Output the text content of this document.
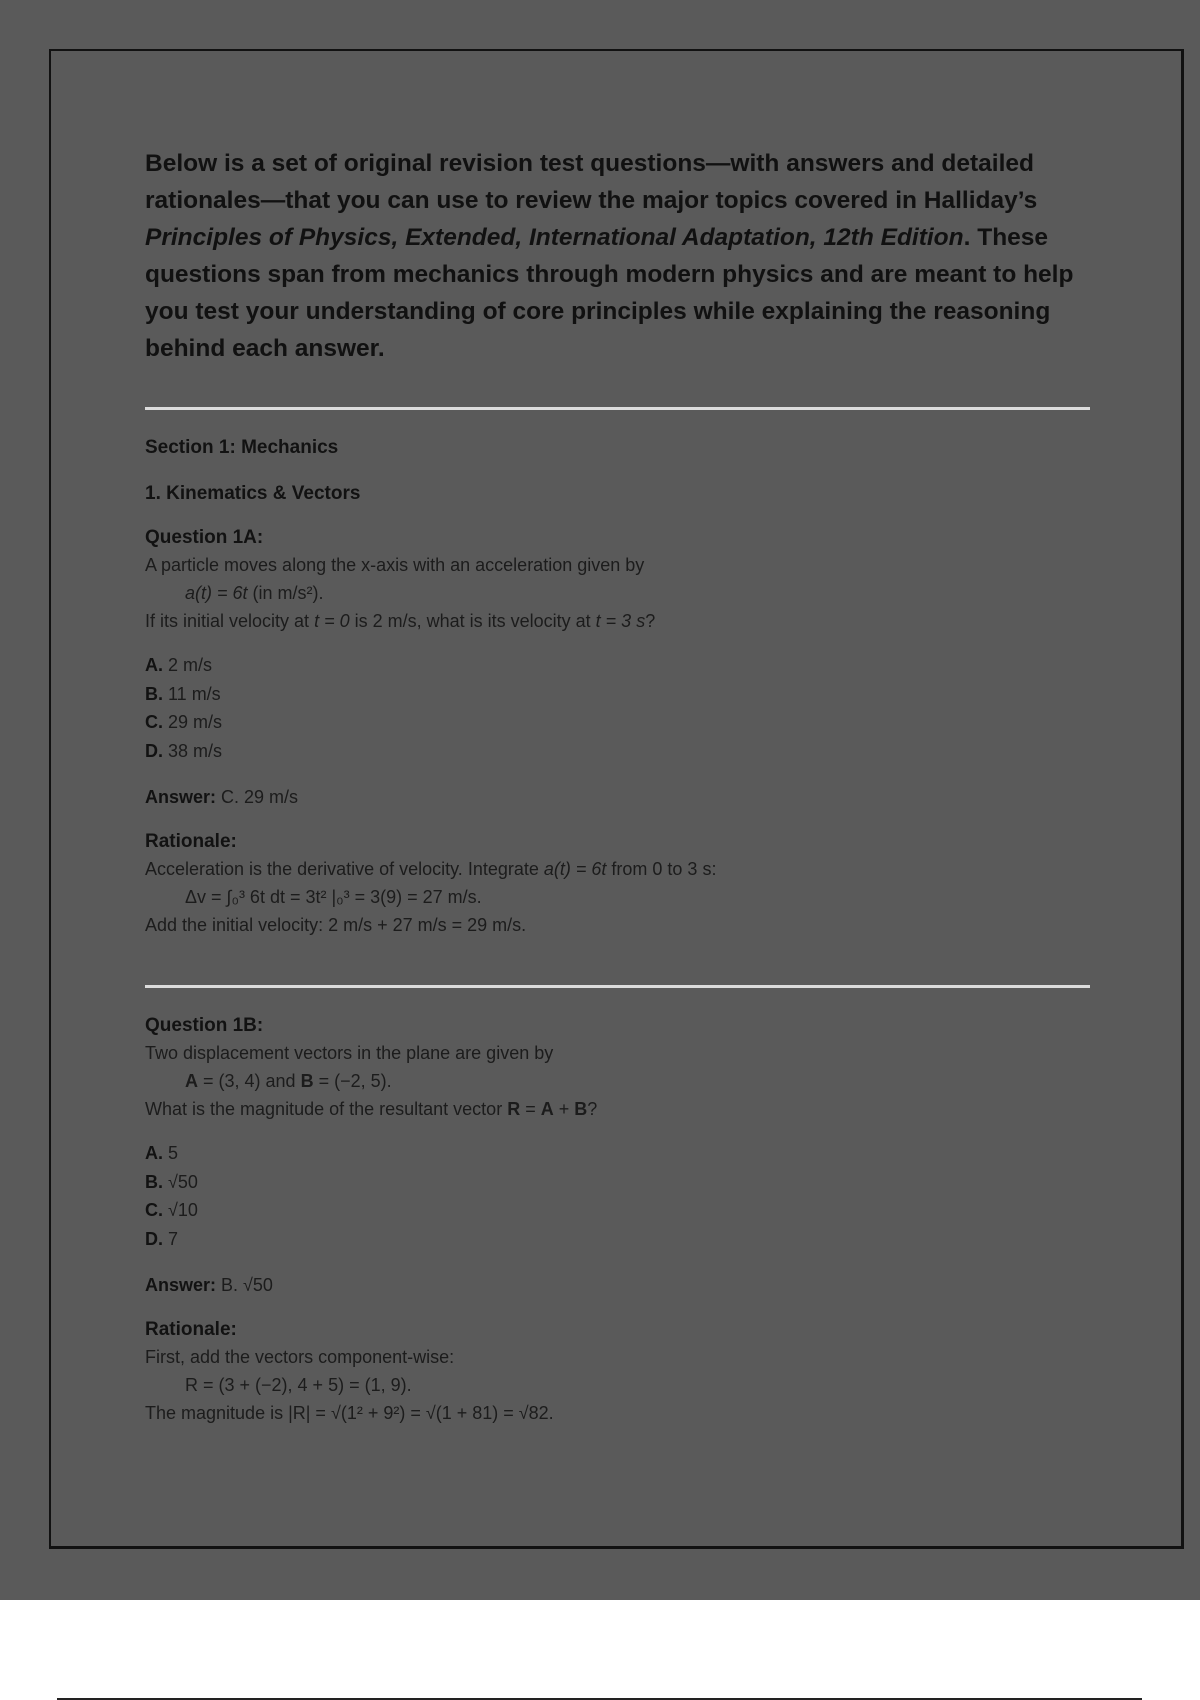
Below is a set of original revision test questions—with answers and detailed rationales—that you can use to review the major topics covered in Halliday’s Principles of Physics, Extended, International Adaptation, 12th Edition. These questions span from mechanics through modern physics and are meant to help you test your understanding of core principles while explaining the reasoning behind each answer.

Section 1: Mechanics

1. Kinematics & Vectors

Question 1A:

A particle moves along the x-axis with an acceleration given by

a(t) = 6t (in m/s²).

If its initial velocity at t = 0 is 2 m/s, what is its velocity at t = 3 s?

A. 2 m/s
B. 11 m/s
C. 29 m/s
D. 38 m/s

Answer: C. 29 m/s

Rationale:

Acceleration is the derivative of velocity. Integrate a(t) = 6t from 0 to 3 s:

Δv = ∫₀³ 6t dt = 3t² |₀³ = 3(9) = 27 m/s.

Add the initial velocity: 2 m/s + 27 m/s = 29 m/s.

Question 1B:

Two displacement vectors in the plane are given by

A = (3, 4) and B = (−2, 5).

What is the magnitude of the resultant vector R = A + B?

A. 5
B. √50
C. √10
D. 7

Answer: B. √50

Rationale:

First, add the vectors component-wise:

R = (3 + (−2), 4 + 5) = (1, 9).

The magnitude is |R| = √(1² + 9²) = √(1 + 81) = √82.
